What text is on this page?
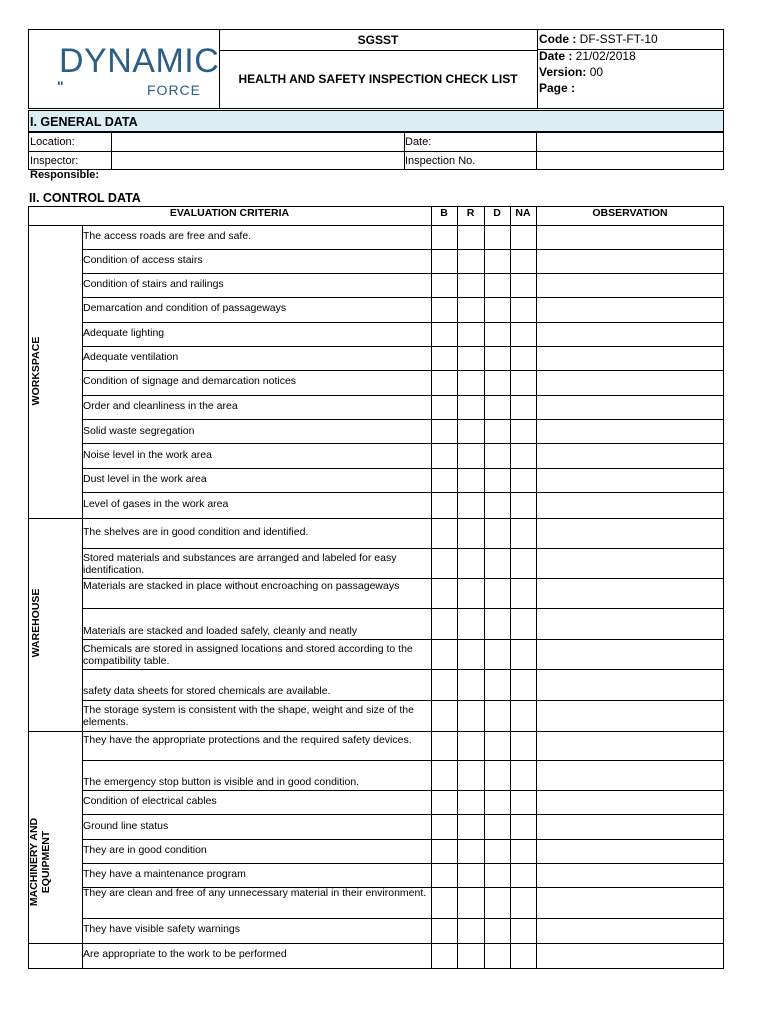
DYNAMIC
"	FORCE
SGSST
HEALTH AND SAFETY INSPECTION CHECK LIST
Code : DF-SST-FT-10
Date : 21/02/2018
Version: 00
Page :
I. GENERAL DATA
Location:	Date:
Inspector:	Inspection No.
Responsible:
II. CONTROL DATA
EVALUATION CRITERIA	B	R	D	NA	OBSERVATION
WORKSPACE
The access roads are free and safe.
Condition of access stairs
Condition of stairs and railings
Demarcation and condition of passageways
Adequate lighting
Adequate ventilation
Condition of signage and demarcation notices
Order and cleanliness in the area
Solid waste segregation
Noise level in the work area
Dust level in the work area
Level of gases in the work area
WAREHOUSE
The shelves are in good condition and identified.
Stored materials and substances are arranged and labeled for easy identification.
Materials are stacked in place without encroaching on passageways
Materials are stacked and loaded safely, cleanly and neatly
Chemicals are stored in assigned locations and stored according to the compatibility table.
safety data sheets for stored chemicals are available.
The storage system is consistent with the shape, weight and size of the elements.
MACHINERY AND EQUIPMENT
They have the appropriate protections and the required safety devices.
The emergency stop button is visible and in good condition.
Condition of electrical cables
Ground line status
They are in good condition
They have a maintenance program
They are clean and free of any unnecessary material in their environment.
They have visible safety warnings
Are appropriate to the work to be performed
